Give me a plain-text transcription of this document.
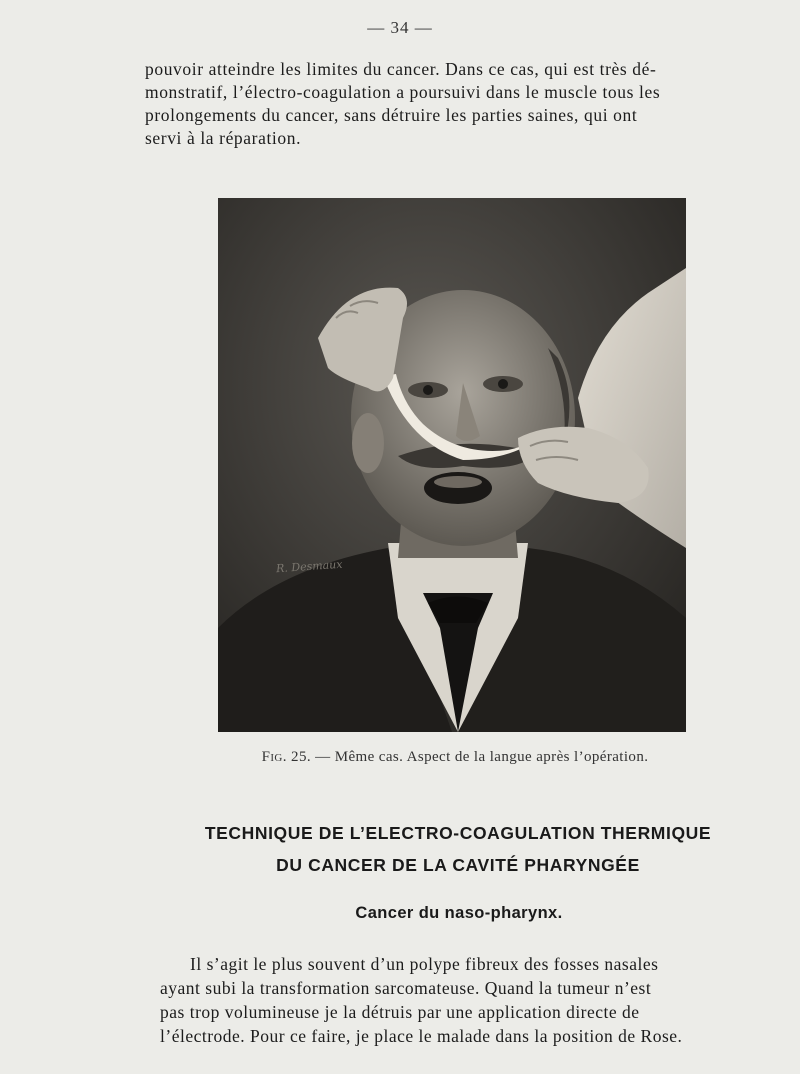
— 34 —
pouvoir atteindre les limites du cancer. Dans ce cas, qui est très dé-
monstratif, l’électro-coagulation a poursuivi dans le muscle tous les
prolongements du cancer, sans détruire les parties saines, qui ont
servi à la réparation.
R. Desmaux
Fig. 25. — Même cas. Aspect de la langue après l’opération.
TECHNIQUE DE L’ELECTRO-COAGULATION THERMIQUE
DU CANCER DE LA CAVITÉ PHARYNGÉE
Cancer du naso-pharynx.
Il s’agit le plus souvent d’un polype fibreux des fosses nasales
ayant subi la transformation sarcomateuse. Quand la tumeur n’est
pas trop volumineuse je la détruis par une application directe de
l’électrode. Pour ce faire, je place le malade dans la position de Rose.
